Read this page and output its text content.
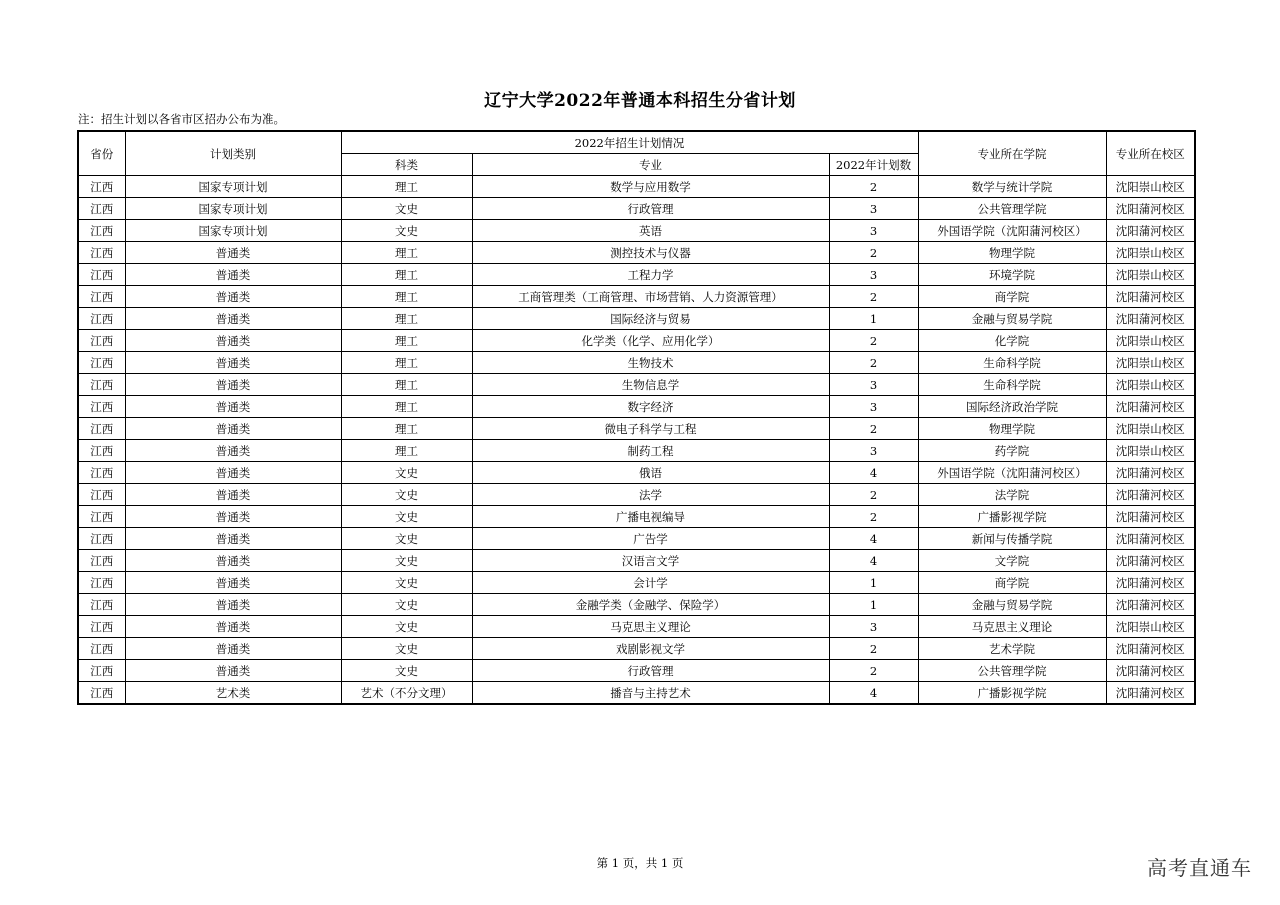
辽宁大学2022年普通本科招生分省计划
注：招生计划以各省市区招办公布为准。
省份	计划类别	2022年招生计划情况			专业所在学院	专业所在校区
		科类	专业	2022年计划数		
江西	国家专项计划	理工	数学与应用数学	2	数学与统计学院	沈阳崇山校区
江西	国家专项计划	文史	行政管理	3	公共管理学院	沈阳蒲河校区
江西	国家专项计划	文史	英语	3	外国语学院（沈阳蒲河校区）	沈阳蒲河校区
江西	普通类	理工	测控技术与仪器	2	物理学院	沈阳崇山校区
江西	普通类	理工	工程力学	3	环境学院	沈阳崇山校区
江西	普通类	理工	工商管理类（工商管理、市场营销、人力资源管理）	2	商学院	沈阳蒲河校区
江西	普通类	理工	国际经济与贸易	1	金融与贸易学院	沈阳蒲河校区
江西	普通类	理工	化学类（化学、应用化学）	2	化学院	沈阳崇山校区
江西	普通类	理工	生物技术	2	生命科学院	沈阳崇山校区
江西	普通类	理工	生物信息学	3	生命科学院	沈阳崇山校区
江西	普通类	理工	数字经济	3	国际经济政治学院	沈阳蒲河校区
江西	普通类	理工	微电子科学与工程	2	物理学院	沈阳崇山校区
江西	普通类	理工	制药工程	3	药学院	沈阳崇山校区
江西	普通类	文史	俄语	4	外国语学院（沈阳蒲河校区）	沈阳蒲河校区
江西	普通类	文史	法学	2	法学院	沈阳蒲河校区
江西	普通类	文史	广播电视编导	2	广播影视学院	沈阳蒲河校区
江西	普通类	文史	广告学	4	新闻与传播学院	沈阳蒲河校区
江西	普通类	文史	汉语言文学	4	文学院	沈阳蒲河校区
江西	普通类	文史	会计学	1	商学院	沈阳蒲河校区
江西	普通类	文史	金融学类（金融学、保险学）	1	金融与贸易学院	沈阳蒲河校区
江西	普通类	文史	马克思主义理论	3	马克思主义理论	沈阳崇山校区
江西	普通类	文史	戏剧影视文学	2	艺术学院	沈阳蒲河校区
江西	普通类	文史	行政管理	2	公共管理学院	沈阳蒲河校区
江西	艺术类	艺术（不分文理）	播音与主持艺术	4	广播影视学院	沈阳蒲河校区
第 1 页，共 1 页	高考直通车
